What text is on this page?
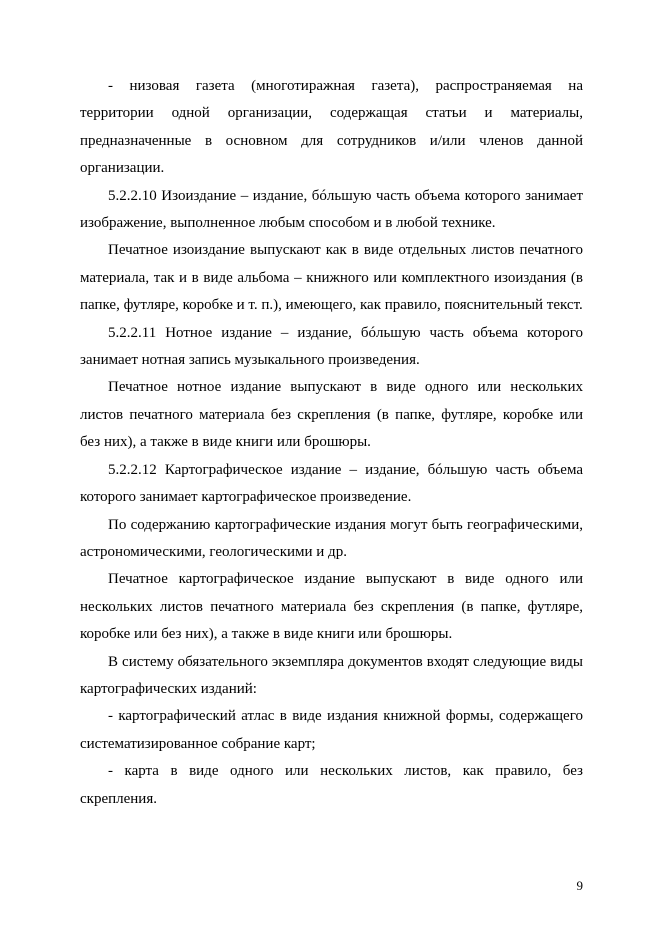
- низовая газета (многотиражная газета), распространяемая на территории одной организации, содержащая статьи и материалы, предназначенные в основном для сотрудников и/или членов данной организации.

5.2.2.10 Изоиздание – издание, бóльшую часть объема которого занимает изображение, выполненное любым способом и в любой технике.

Печатное изоиздание выпускают как в виде отдельных листов печатного материала, так и в виде альбома – книжного или комплектного изоиздания (в папке, футляре, коробке и т. п.), имеющего, как правило, пояснительный текст.

5.2.2.11 Нотное издание – издание, бóльшую часть объема которого занимает нотная запись музыкального произведения.

Печатное нотное издание выпускают в виде одного или нескольких листов печатного материала без скрепления (в папке, футляре, коробке или без них), а также в виде книги или брошюры.

5.2.2.12 Картографическое издание – издание, бóльшую часть объема которого занимает картографическое произведение.

По содержанию картографические издания могут быть географическими, астрономическими, геологическими и др.

Печатное картографическое издание выпускают в виде одного или нескольких листов печатного материала без скрепления (в папке, футляре, коробке или без них), а также в виде книги или брошюры.

В систему обязательного экземпляра документов входят следующие виды картографических изданий:

- картографический атлас в виде издания книжной формы, содержащего систематизированное собрание карт;

- карта в виде одного или нескольких листов, как правило, без скрепления.

9
